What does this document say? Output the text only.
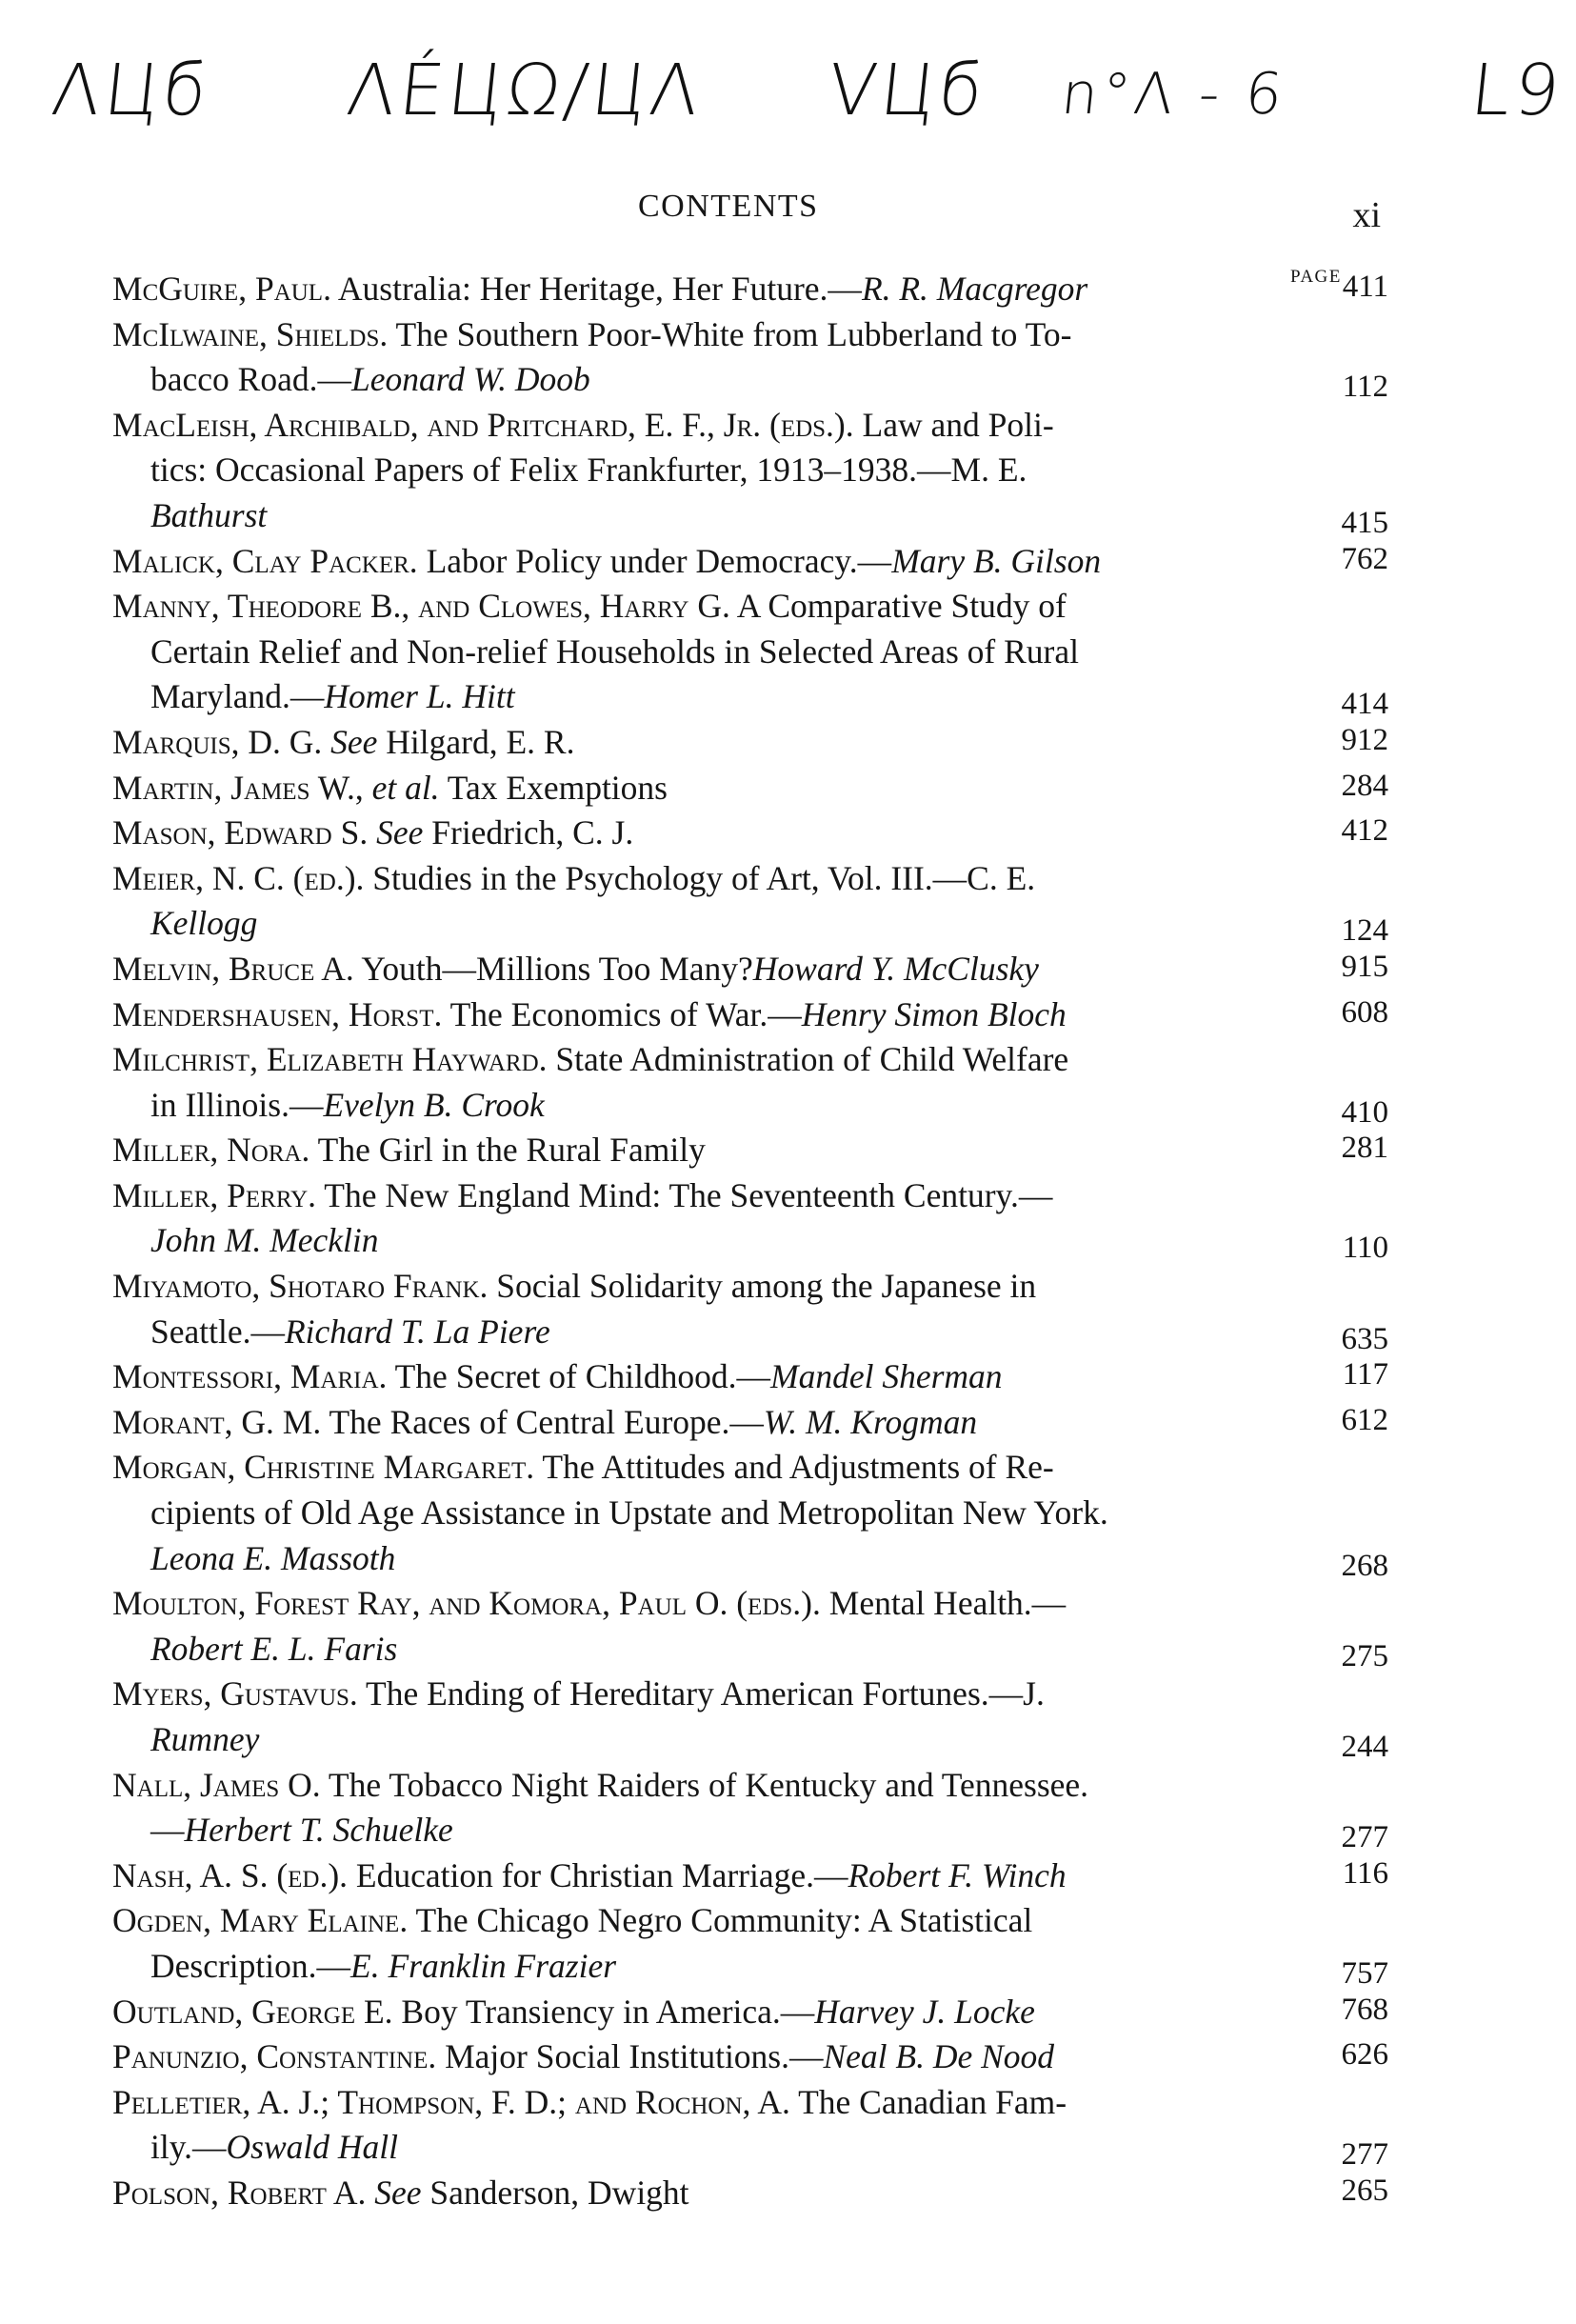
ΛЦб ΛÉЦΩ/ЦΛ VЦб n°Λ - 6	L9
CONTENTS	xi
PAGE
McGuire, Paul. Australia: Her Heritage, Her Future.—R. R. Macgregor	411
McIlwaine, Shields. The Southern Poor-White from Lubberland to To-
bacco Road.—Leonard W. Doob	112
MacLeish, Archibald, and Pritchard, E. F., Jr. (eds.). Law and Poli-
tics: Occasional Papers of Felix Frankfurter, 1913–1938.—M. E.
Bathurst	415
Malick, Clay Packer. Labor Policy under Democracy.—Mary B. Gilson	762
Manny, Theodore B., and Clowes, Harry G. A Comparative Study of
Certain Relief and Non-relief Households in Selected Areas of Rural
Maryland.—Homer L. Hitt	414
Marquis, D. G. See Hilgard, E. R.	912
Martin, James W., et al. Tax Exemptions	284
Mason, Edward S. See Friedrich, C. J.	412
Meier, N. C. (ed.). Studies in the Psychology of Art, Vol. III.—C. E.
Kellogg	124
Melvin, Bruce A. Youth—Millions Too Many?Howard Y. McClusky	915
Mendershausen, Horst. The Economics of War.—Henry Simon Bloch	608
Milchrist, Elizabeth Hayward. State Administration of Child Welfare
in Illinois.—Evelyn B. Crook	410
Miller, Nora. The Girl in the Rural Family	281
Miller, Perry. The New England Mind: The Seventeenth Century.—
John M. Mecklin	110
Miyamoto, Shotaro Frank. Social Solidarity among the Japanese in
Seattle.—Richard T. La Piere	635
Montessori, Maria. The Secret of Childhood.—Mandel Sherman	117
Morant, G. M. The Races of Central Europe.—W. M. Krogman	612
Morgan, Christine Margaret. The Attitudes and Adjustments of Re-
cipients of Old Age Assistance in Upstate and Metropolitan New York.
Leona E. Massoth	268
Moulton, Forest Ray, and Komora, Paul O. (eds.). Mental Health.—
Robert E. L. Faris	275
Myers, Gustavus. The Ending of Hereditary American Fortunes.—J.
Rumney	244
Nall, James O. The Tobacco Night Raiders of Kentucky and Tennessee.
—Herbert T. Schuelke	277
Nash, A. S. (ed.). Education for Christian Marriage.—Robert F. Winch	116
Ogden, Mary Elaine. The Chicago Negro Community: A Statistical
Description.—E. Franklin Frazier	757
Outland, George E. Boy Transiency in America.—Harvey J. Locke	768
Panunzio, Constantine. Major Social Institutions.—Neal B. De Nood	626
Pelletier, A. J.; Thompson, F. D.; and Rochon, A. The Canadian Fam-
ily.—Oswald Hall	277
Polson, Robert A. See Sanderson, Dwight	265
